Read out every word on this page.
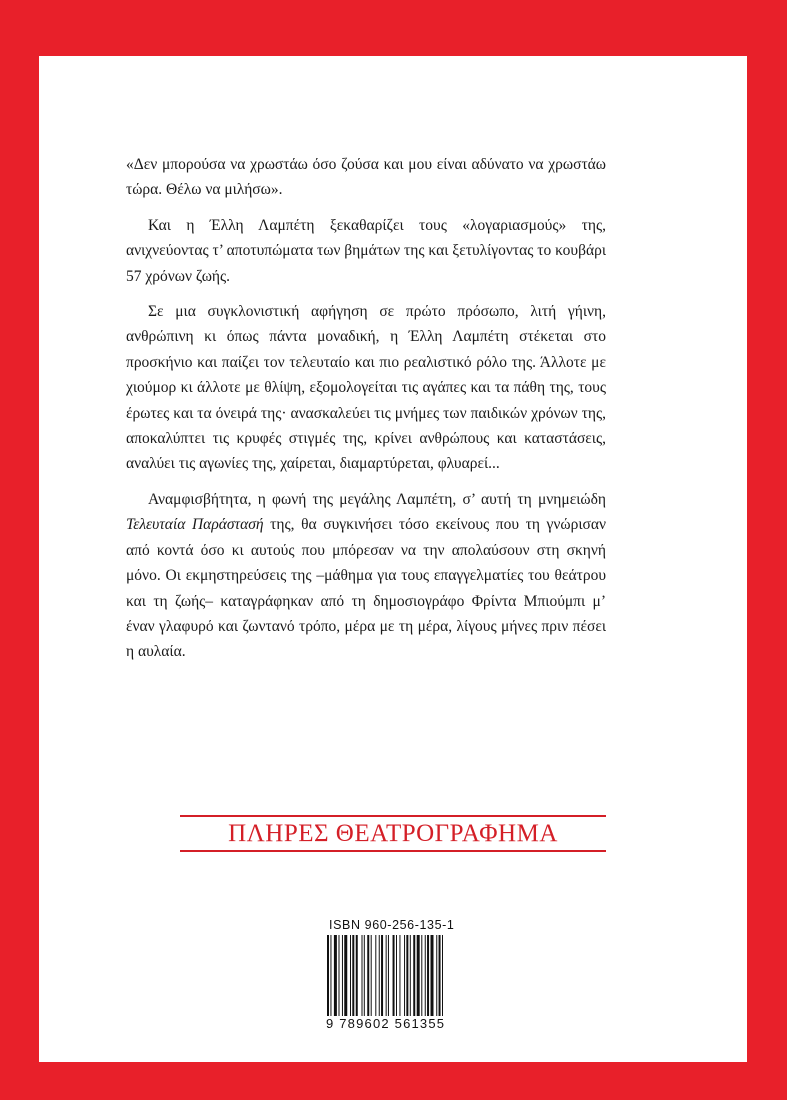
«Δεν μπορούσα να χρωστάω όσο ζούσα και μου είναι αδύνατο να χρωστάω τώρα. Θέλω να μιλήσω».

Και η Έλλη Λαμπέτη ξεκαθαρίζει τους «λογαριασμούς» της, ανιχνεύοντας τ’ αποτυπώματα των βημάτων της και ξετυλίγοντας το κουβάρι 57 χρόνων ζωής.

Σε μια συγκλονιστική αφήγηση σε πρώτο πρόσωπο, λιτή γήινη, ανθρώπινη κι όπως πάντα μοναδική, η Έλλη Λαμπέτη στέκεται στο προσκήνιο και παίζει τον τελευταίο και πιο ρεαλιστικό ρόλο της. Άλλοτε με χιούμορ κι άλλοτε με θλίψη, εξομολογείται τις αγάπες και τα πάθη της, τους έρωτες και τα όνειρά της· ανασκαλεύει τις μνήμες των παιδικών χρόνων της, αποκαλύπτει τις κρυφές στιγμές της, κρίνει ανθρώπους και καταστάσεις, αναλύει τις αγωνίες της, χαίρεται, διαμαρτύρεται, φλυαρεί...

Αναμφισβήτητα, η φωνή της μεγάλης Λαμπέτη, σ’ αυτή τη μνημειώδη Τελευταία Παράστασή της, θα συγκινήσει τόσο εκείνους που τη γνώρισαν από κοντά όσο κι αυτούς που μπόρεσαν να την απολαύσουν στη σκηνή μόνο. Οι εκμηστηρεύσεις της –μάθημα για τους επαγγελματίες του θεάτρου και τη ζωής– καταγράφηκαν από τη δημοσιογράφο Φρίντα Μπιούμπι μ’ έναν γλαφυρό και ζωντανό τρόπο, μέρα με τη μέρα, λίγους μήνες πριν πέσει η αυλαία.

ΠΛΗΡΕΣ ΘΕΑΤΡΟΓΡΑΦΗΜΑ
ISBN 960-256-135-1
9 789602 561355
